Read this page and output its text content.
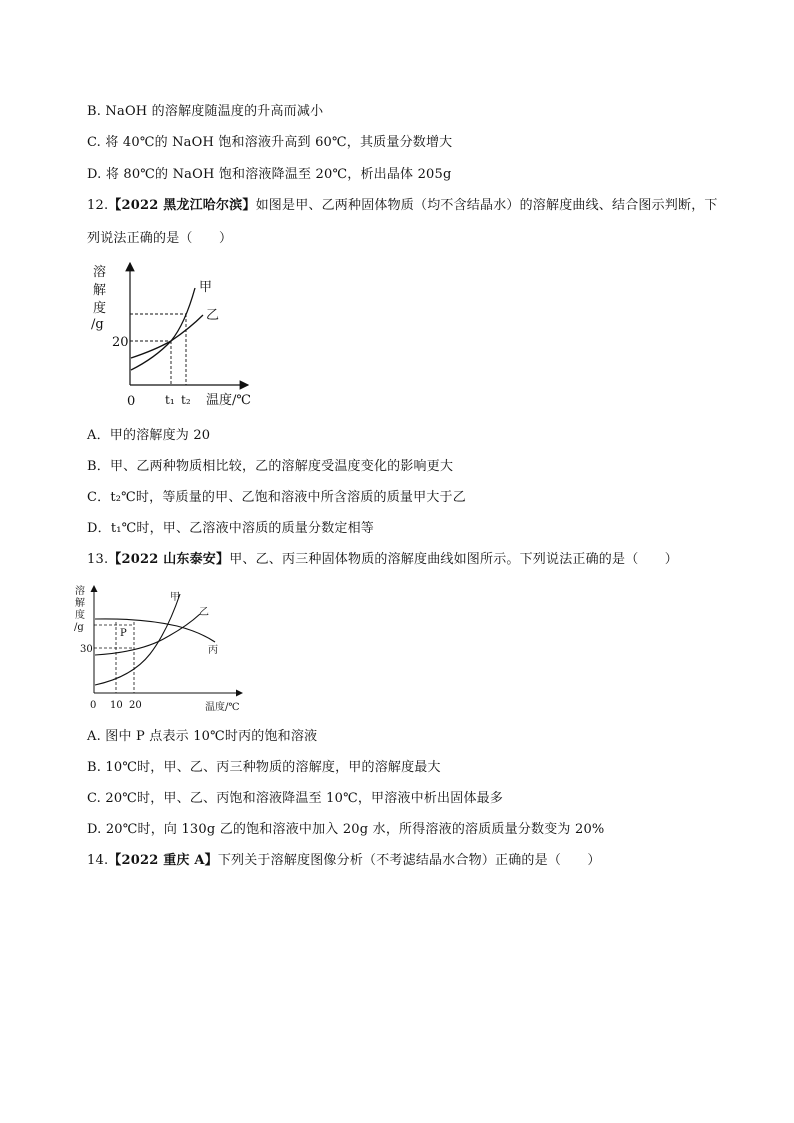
B. NaOH 的溶解度随温度的升高而减小
C. 将 40℃的 NaOH 饱和溶液升高到 60℃，其质量分数增大
D. 将 80℃的 NaOH 饱和溶液降温至 20℃，析出晶体 205g
12.【2022 黑龙江哈尔滨】如图是甲、乙两种固体物质（均不含结晶水）的溶解度曲线、结合图示判断，下
列说法正确的是（　　）
溶
解
度
/g
20
0 t₁ t₂ 温度/℃
甲
乙
A．甲的溶解度为 20
B．甲、乙两种物质相比较，乙的溶解度受温度变化的影响更大
C．t₂℃时，等质量的甲、乙饱和溶液中所含溶质的质量甲大于乙
D．t₁℃时，甲、乙溶液中溶质的质量分数定相等
13.【2022 山东泰安】甲、乙、丙三种固体物质的溶解度曲线如图所示。下列说法正确的是（　　）
溶
解
度
/g
P
30
0 10 20	温度/℃
甲
乙
丙
A. 图中 P 点表示 10℃时丙的饱和溶液
B. 10℃时，甲、乙、丙三种物质的溶解度，甲的溶解度最大
C. 20℃时，甲、乙、丙饱和溶液降温至 10℃，甲溶液中析出固体最多
D. 20℃时，向 130g 乙的饱和溶液中加入 20g 水，所得溶液的溶质质量分数变为 20%
14.【2022 重庆 A】下列关于溶解度图像分析（不考滤结晶水合物）正确的是（　　）
